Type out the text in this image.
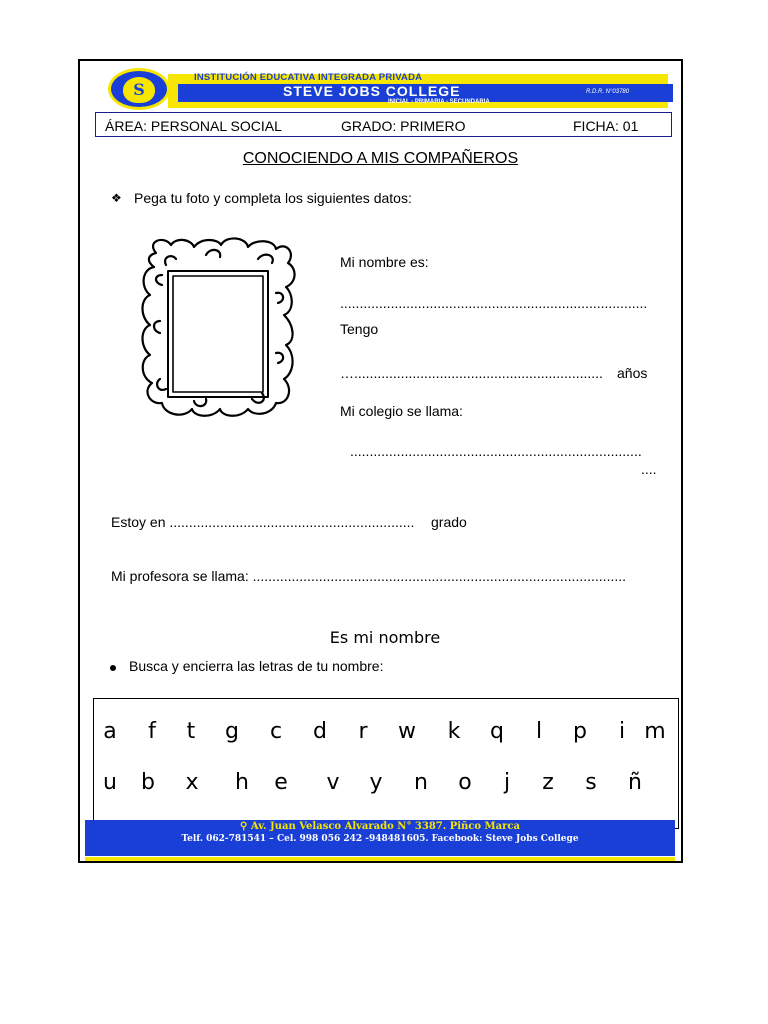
INSTITUCIÓN EDUCATIVA INTEGRADA PRIVADA
STEVE JOBS COLLEGE
INICIAL - PRIMARIA - SECUNDARIA
R.D.R. N°03780
S
ÁREA: PERSONAL SOCIAL	GRADO: PRIMERO	FICHA: 01
CONOCIENDO A MIS COMPAÑEROS
❖ Pega tu foto y completa los siguientes datos:
Mi nombre es:
...............................................................................
Tengo
…................................................................ años
Mi colegio se llama:
...........................................................................
....
Estoy en ............................................................... grado
Mi profesora se llama: ................................................................................................
Es mi nombre
Busca y encierra las letras de tu nombre:
a	f	t	g c d	r	w k q	l	p	i m
u b x h e v y n o	j	z s ñ
⚲ Av. Juan Velasco Alvarado N° 3387. Piñco Marca
Telf. 062-781541 – Cel. 998 056 242 -948481605. Facebook: Steve Jobs College
